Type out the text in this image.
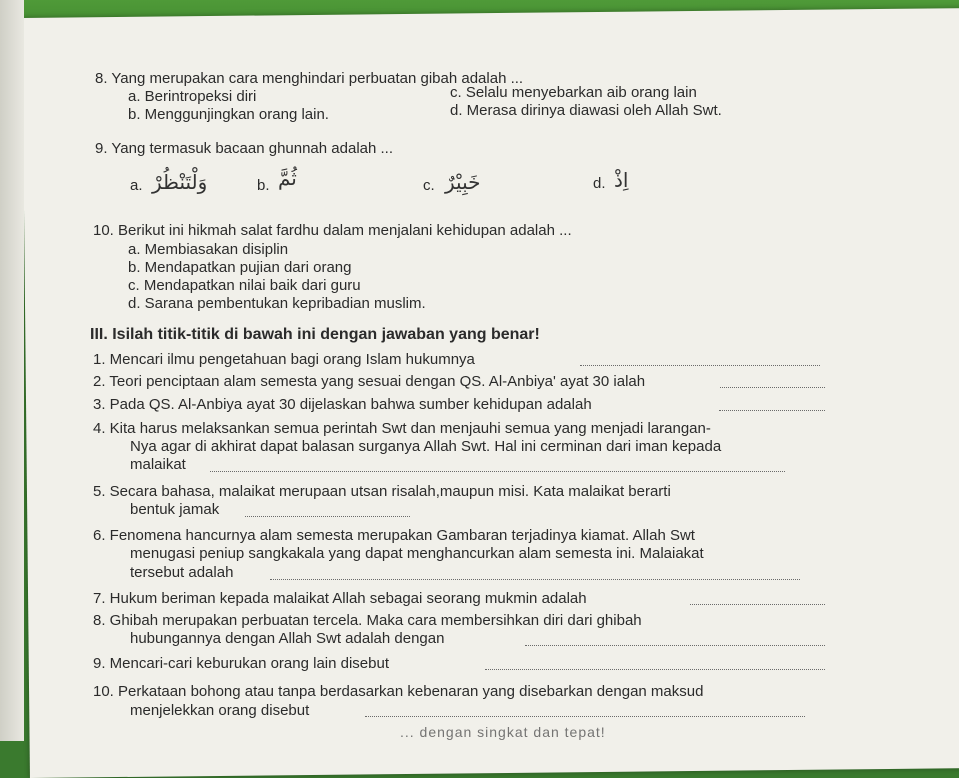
8. Yang merupakan cara menghindari perbuatan gibah adalah ...
a. Berintropeksi diri
b. Menggunjingkan orang lain.
c. Selalu menyebarkan aib orang lain
d. Merasa dirinya diawasi oleh Allah Swt.
9. Yang termasuk bacaan ghunnah adalah ...
a. وَلْتَنْظُرْ	b. ثُمَّ	c. خَبِيْرٌ	d. اِذْ
10. Berikut ini hikmah salat fardhu dalam menjalani kehidupan adalah ...
a. Membiasakan disiplin
b. Mendapatkan pujian dari orang
c. Mendapatkan nilai baik dari guru
d. Sarana pembentukan kepribadian muslim.
III. Isilah titik-titik di bawah ini dengan jawaban yang benar!
1. Mencari ilmu pengetahuan bagi orang Islam hukumnya
2. Teori penciptaan alam semesta yang sesuai dengan QS. Al-Anbiya' ayat 30 ialah
3. Pada QS. Al-Anbiya ayat 30 dijelaskan bahwa sumber kehidupan adalah
4. Kita harus melaksankan semua perintah Swt dan menjauhi semua yang menjadi larangan-
Nya agar di akhirat dapat balasan surganya Allah Swt. Hal ini cerminan dari iman kepada
malaikat
5. Secara bahasa, malaikat merupaan utsan risalah,maupun misi. Kata malaikat berarti
bentuk jamak
6. Fenomena hancurnya alam semesta merupakan Gambaran terjadinya kiamat. Allah Swt
menugasi peniup sangkakala yang dapat menghancurkan alam semesta ini. Malaiakat
tersebut adalah
7. Hukum beriman kepada malaikat Allah sebagai seorang mukmin adalah
8. Ghibah merupakan perbuatan tercela. Maka cara membersihkan diri dari ghibah
hubungannya dengan Allah Swt adalah dengan
9. Mencari-cari keburukan orang lain disebut
10. Perkataan bohong atau tanpa berdasarkan kebenaran yang disebarkan dengan maksud
menjelekkan orang disebut
... dengan singkat dan tepat!
